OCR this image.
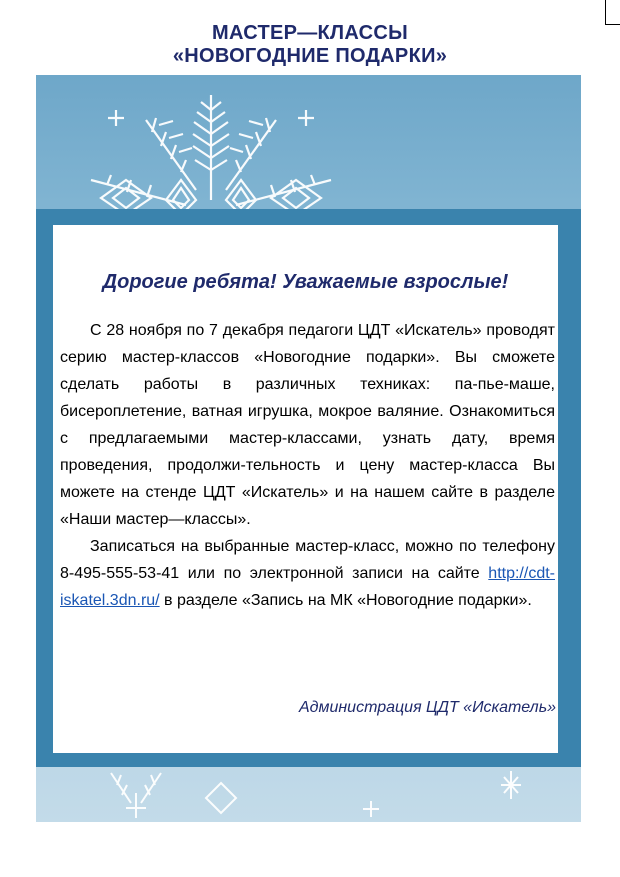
МАСТЕР—КЛАССЫ
«НОВОГОДНИЕ ПОДАРКИ»
Дорогие ребята! Уважаемые взрослые!

С 28 ноября по 7 декабря педагоги ЦДТ «Искатель» проводят серию мастер-классов «Новогодние подарки». Вы сможете сделать работы в различных техниках: па-пье-маше, бисероплетение, ватная игрушка, мокрое валяние. Ознакомиться с предлагаемыми мастер-классами, узнать дату, время проведения, продолжи-тельность и цену мастер-класса Вы можете на стенде ЦДТ «Искатель» и на нашем сайте в разделе «Наши мастер—классы».

Записаться на выбранные мастер-класс, можно по телефону 8-495-555-53-41 или по электронной записи на сайте http://cdt-iskatel.3dn.ru/ в разделе «Запись на МК «Новогодние подарки».

Администрация ЦДТ «Искатель»
